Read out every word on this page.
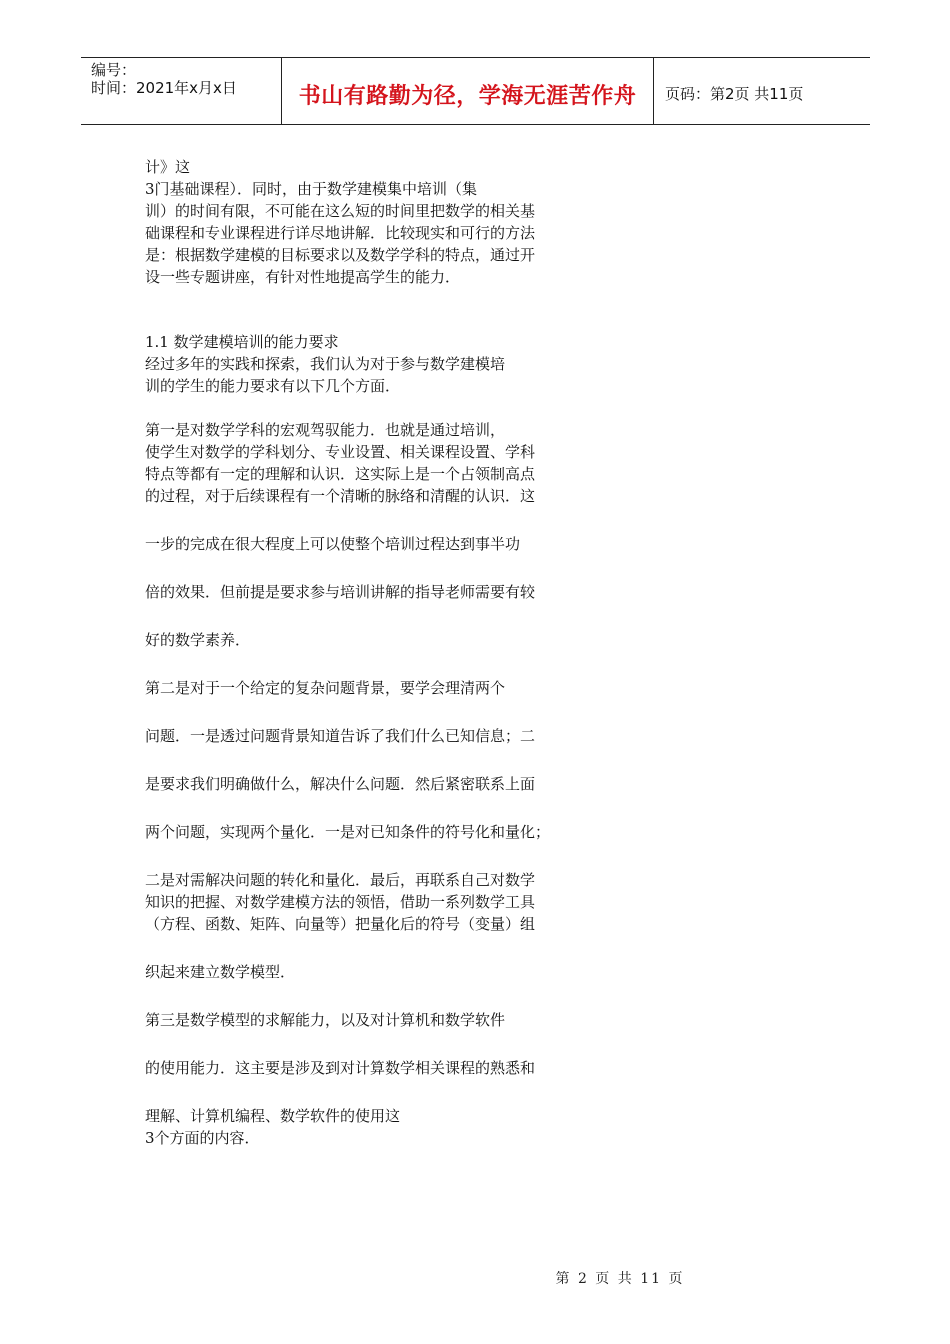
编号：
时间：2021年x月x日	书山有路勤为径，学海无涯苦作舟	页码：第2页 共11页
计》这
3门基础课程）．同时，由于数学建模集中培训（集
训）的时间有限，不可能在这么短的时间里把数学的相关基
础课程和专业课程进行详尽地讲解．比较现实和可行的方法
是：根据数学建模的目标要求以及数学学科的特点，通过开
设一些专题讲座，有针对性地提高学生的能力．
1.1 数学建模培训的能力要求
经过多年的实践和探索，我们认为对于参与数学建模培
训的学生的能力要求有以下几个方面．
第一是对数学学科的宏观驾驭能力．也就是通过培训，
使学生对数学的学科划分、专业设置、相关课程设置、学科
特点等都有一定的理解和认识．这实际上是一个占领制高点
的过程，对于后续课程有一个清晰的脉络和清醒的认识．这
一步的完成在很大程度上可以使整个培训过程达到事半功
倍的效果．但前提是要求参与培训讲解的指导老师需要有较
好的数学素养．
第二是对于一个给定的复杂问题背景，要学会理清两个
问题．一是透过问题背景知道告诉了我们什么已知信息；二
是要求我们明确做什么，解决什么问题．然后紧密联系上面
两个问题，实现两个量化．一是对已知条件的符号化和量化；
二是对需解决问题的转化和量化．最后，再联系自己对数学
知识的把握、对数学建模方法的领悟，借助一系列数学工具
（方程、函数、矩阵、向量等）把量化后的符号（变量）组
织起来建立数学模型．
第三是数学模型的求解能力，以及对计算机和数学软件
的使用能力．这主要是涉及到对计算数学相关课程的熟悉和
理解、计算机编程、数学软件的使用这
3个方面的内容．
第 2 页 共 11 页
